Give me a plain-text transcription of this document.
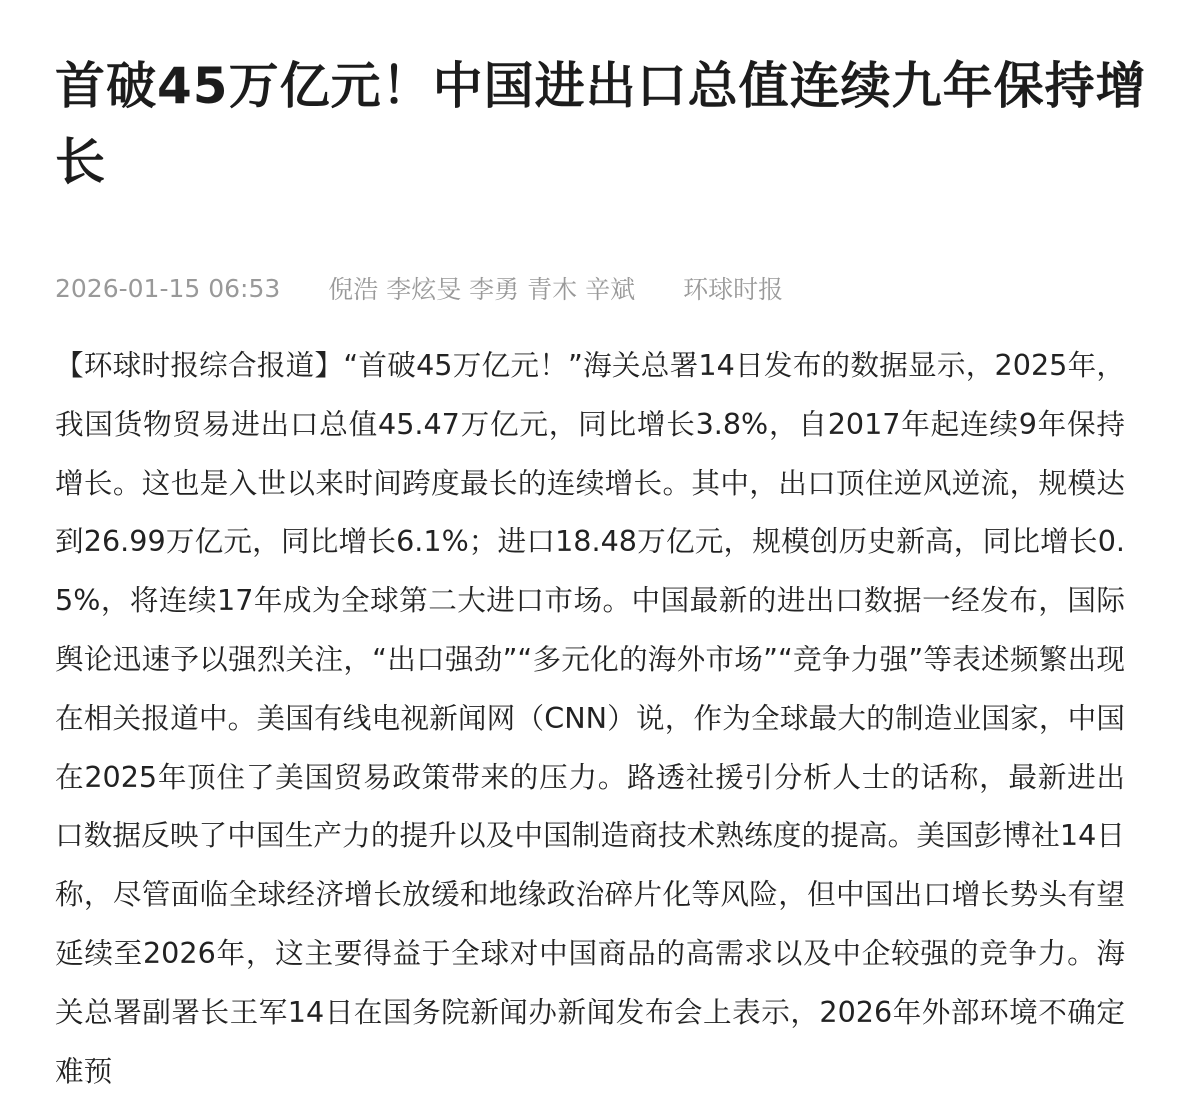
首破45万亿元！中国进出口总值连续九年保持增长
2026-01-15 06:53 倪浩 李炫旻 李勇 青木 辛斌 环球时报

【环球时报综合报道】“首破45万亿元！”海关总署14日发布的数据显示，2025年，我国货物贸易进出口总值45.47万亿元，同比增长3.8%，自2017年起连续9年保持增长。这也是入世以来时间跨度最长的连续增长。其中，出口顶住逆风逆流，规模达到26.99万亿元，同比增长6.1%；进口18.48万亿元，规模创历史新高，同比增长0.5%，将连续17年成为全球第二大进口市场。中国最新的进出口数据一经发布，国际舆论迅速予以强烈关注，“出口强劲”“多元化的海外市场”“竞争力强”等表述频繁出现在相关报道中。美国有线电视新闻网（CNN）说，作为全球最大的制造业国家，中国在2025年顶住了美国贸易政策带来的压力。路透社援引分析人士的话称，最新进出口数据反映了中国生产力的提升以及中国制造商技术熟练度的提高。美国彭博社14日称，尽管面临全球经济增长放缓和地缘政治碎片化等风险，但中国出口增长势头有望延续至2026年，这主要得益于全球对中国商品的高需求以及中企较强的竞争力。海关总署副署长王军14日在国务院新闻办新闻发布会上表示，2026年外部环境不确定难预
